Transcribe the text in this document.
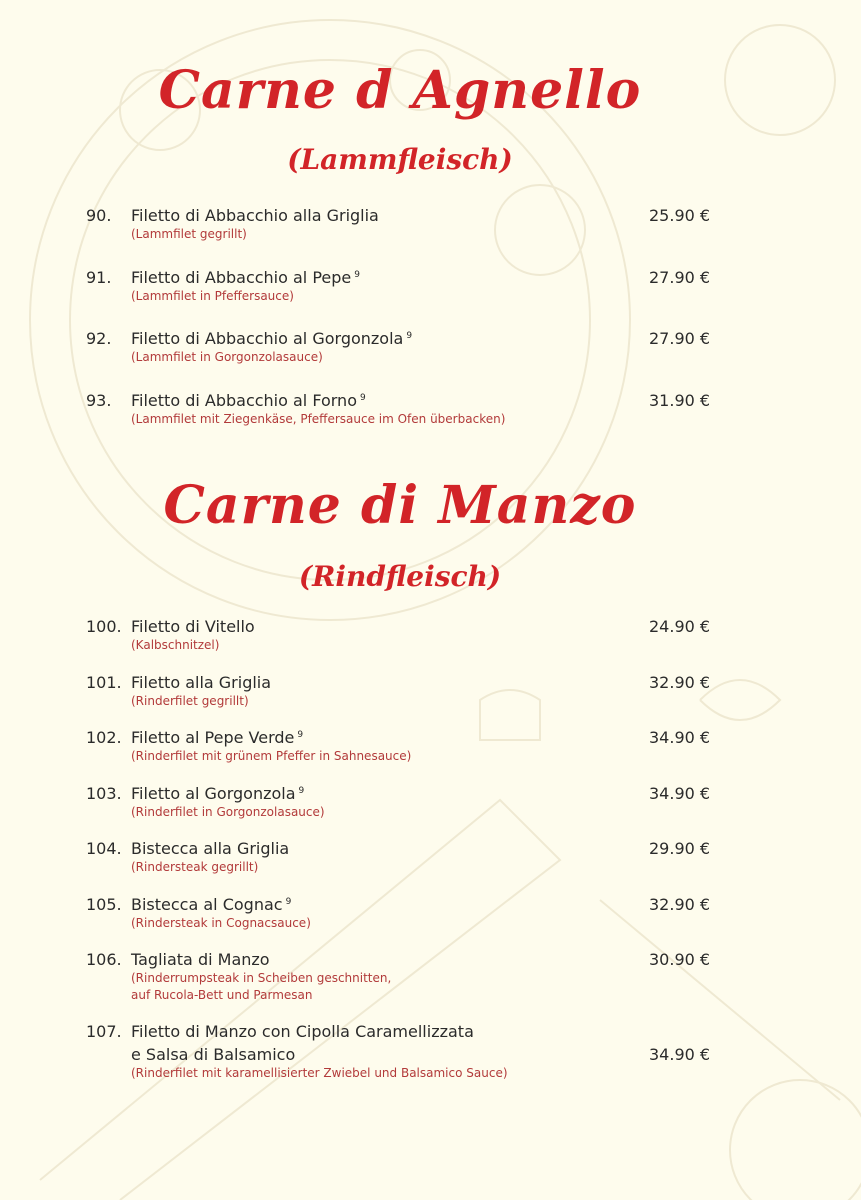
Carne d Agnello
(Lammfleisch)
90. Filetto di Abbacchio alla Griglia	25.90 €
(Lammfilet gegrillt)
91. Filetto di Abbacchio al Pepe $^9$	27.90 €
(Lammfilet in Pfeffersauce)
92. Filetto di Abbacchio al Gorgonzola $^9$	27.90 €
(Lammfilet in Gorgonzolasauce)
93. Filetto di Abbacchio al Forno $^9$	31.90 €
(Lammfilet mit Ziegenkäse, Pfeffersauce im Ofen überbacken)
Carne di Manzo
(Rindfleisch)
100. Filetto di Vitello	24.90 €
(Kalbschnitzel)
101. Filetto alla Griglia	32.90 €
(Rinderfilet gegrillt)
102. Filetto al Pepe Verde $^9$	34.90 €
(Rinderfilet mit grünem Pfeffer in Sahnesauce)
103. Filetto al Gorgonzola $^9$	34.90 €
(Rinderfilet in Gorgonzolasauce)
104. Bistecca alla Griglia	29.90 €
(Rindersteak gegrillt)
105. Bistecca al Cognac $^9$	32.90 €
(Rindersteak in Cognacsauce)
106. Tagliata di Manzo	30.90 €
(Rinderrumpsteak in Scheiben geschnitten,
auf Rucola-Bett und Parmesan
107. Filetto di Manzo con Cipolla Caramellizzata
e Salsa di Balsamico	34.90 €
(Rinderfilet mit karamellisierter Zwiebel und Balsamico Sauce)
